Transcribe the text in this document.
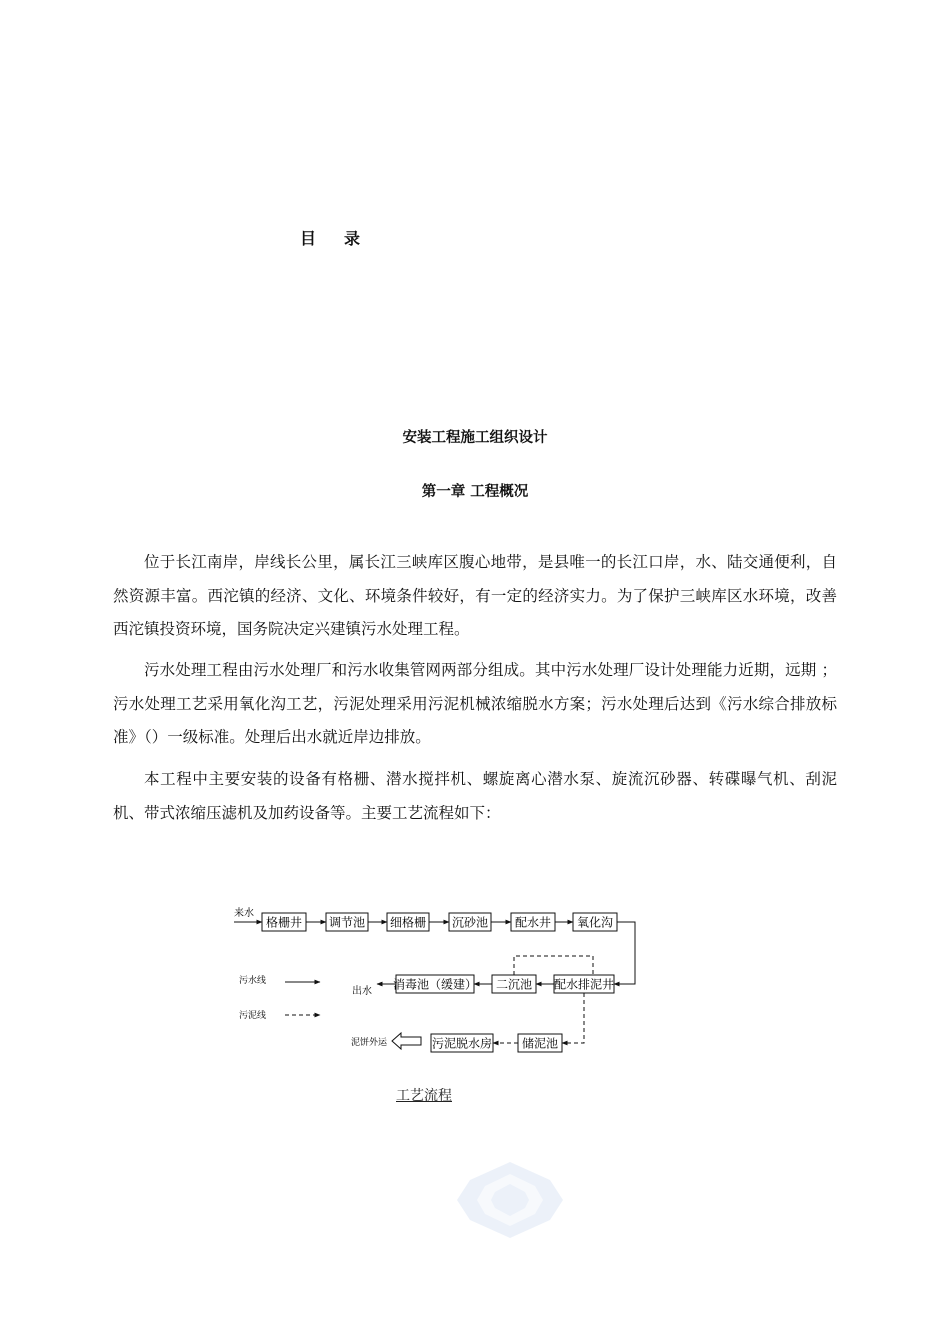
目 录
安装工程施工组织设计
第一章 工程概况

位于长江南岸，岸线长公里，属长江三峡库区腹心地带，是县唯一的长江口岸，水、陆交通便利，自然资源丰富。西沱镇的经济、文化、环境条件较好，有一定的经济实力。为了保护三峡库区水环境，改善西沱镇投资环境，国务院决定兴建镇污水处理工程。

污水处理工程由污水处理厂和污水收集管网两部分组成。其中污水处理厂设计处理能力近期，远期 ；污水处理工艺采用氧化沟工艺，污泥处理采用污泥机械浓缩脱水方案；污水处理后达到《污水综合排放标准》（）一级标准。处理后出水就近岸边排放。

本工程中主要安装的设备有格栅、潜水搅拌机、螺旋离心潜水泵、旋流沉砂器、转碟曝气机、刮泥机、带式浓缩压滤机及加药设备等。主要工艺流程如下：

来水
格栅井 调节池 细格栅 沉砂池 配水井 氧化沟
配水排泥井
二沉池
消毒池（缓建）
出水
储泥池
污泥脱水房
泥饼外运
污水线
污泥线
工艺流程
